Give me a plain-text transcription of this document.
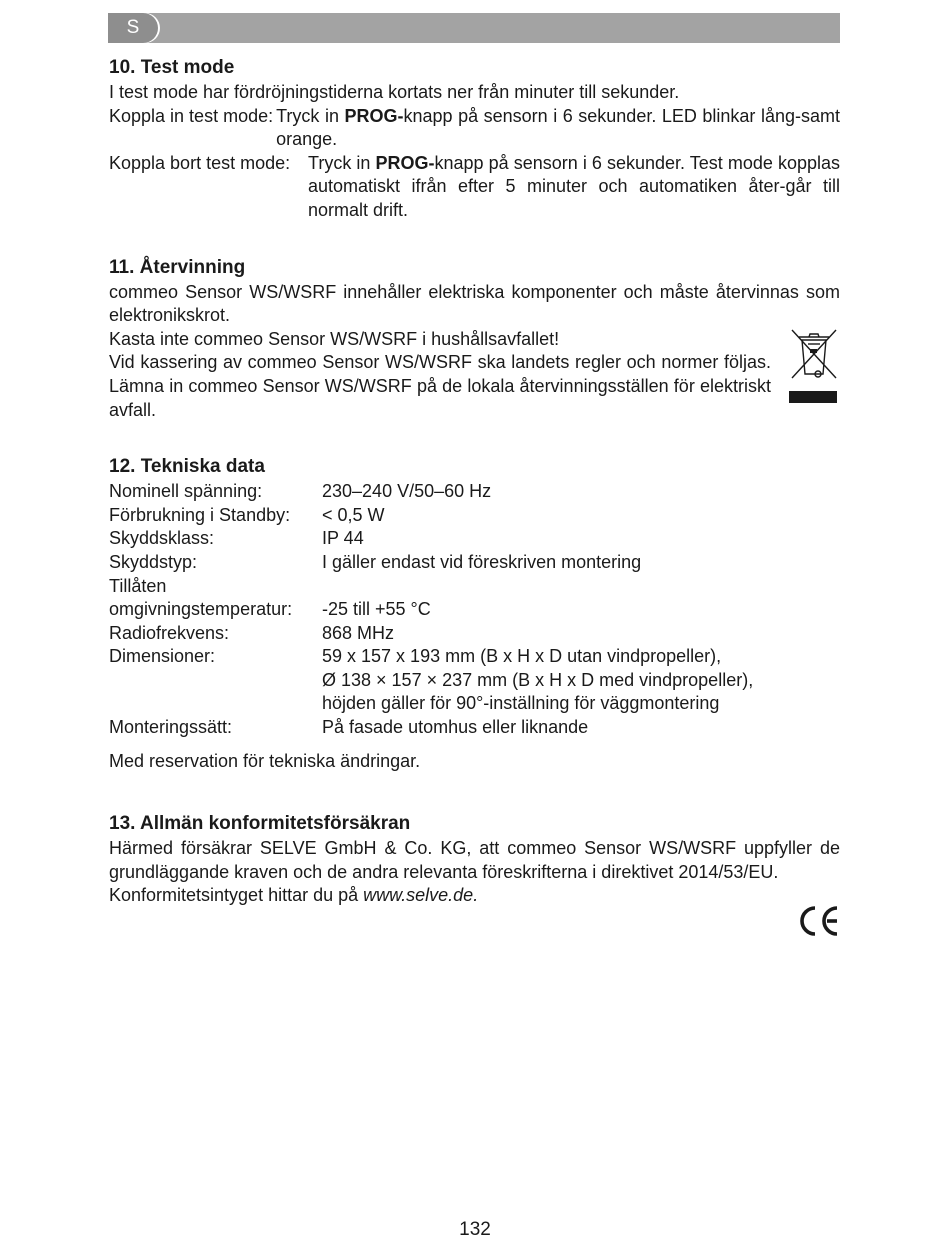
S
10. Test mode

I test mode har fördröjningstiderna kortats ner från minuter till sekunder.

Koppla in test mode: Tryck in PROG-knapp på sensorn i 6 sekunder. LED blinkar lång-samt orange.
Koppla bort test mode: Tryck in PROG-knapp på sensorn i 6 sekunder. Test mode kopplas automatiskt ifrån efter 5 minuter och automatiken åter-går till normalt drift.
11. Återvinning

commeo Sensor WS/WSRF innehåller elektriska komponenter och måste återvinnas som elektronikskrot.

Kasta inte commeo Sensor WS/WSRF i hushållsavfallet!

Vid kassering av commeo Sensor WS/WSRF ska landets regler och normer följas. Lämna in commeo Sensor WS/WSRF på de lokala återvinningsställen för elektriskt avfall.

12. Tekniska data
Nominell spänning:	230–240 V/50–60 Hz
Förbrukning i Standby:	< 0,5 W
Skyddsklass:	IP 44
Skyddstyp:	I gäller endast vid föreskriven montering
Tillåten
omgivningstemperatur:	-25 till +55 °C
Radiofrekvens:	868 MHz
Dimensioner:	59 x 157 x 193 mm (B x H x D utan vindpropeller),
Ø 138 × 157 × 237 mm (B x H x D med vindpropeller),
höjden gäller för 90°-inställning för väggmontering
Monteringssätt:	På fasade utomhus eller liknande

Med reservation för tekniska ändringar.

13. Allmän konformitetsförsäkran

Härmed försäkrar SELVE GmbH & Co. KG, att commeo Sensor WS/WSRF uppfyller de grundläggande kraven och de andra relevanta föreskrifterna i direktivet 2014/53/EU.

Konformitetsintyget hittar du på www.selve.de.

132
